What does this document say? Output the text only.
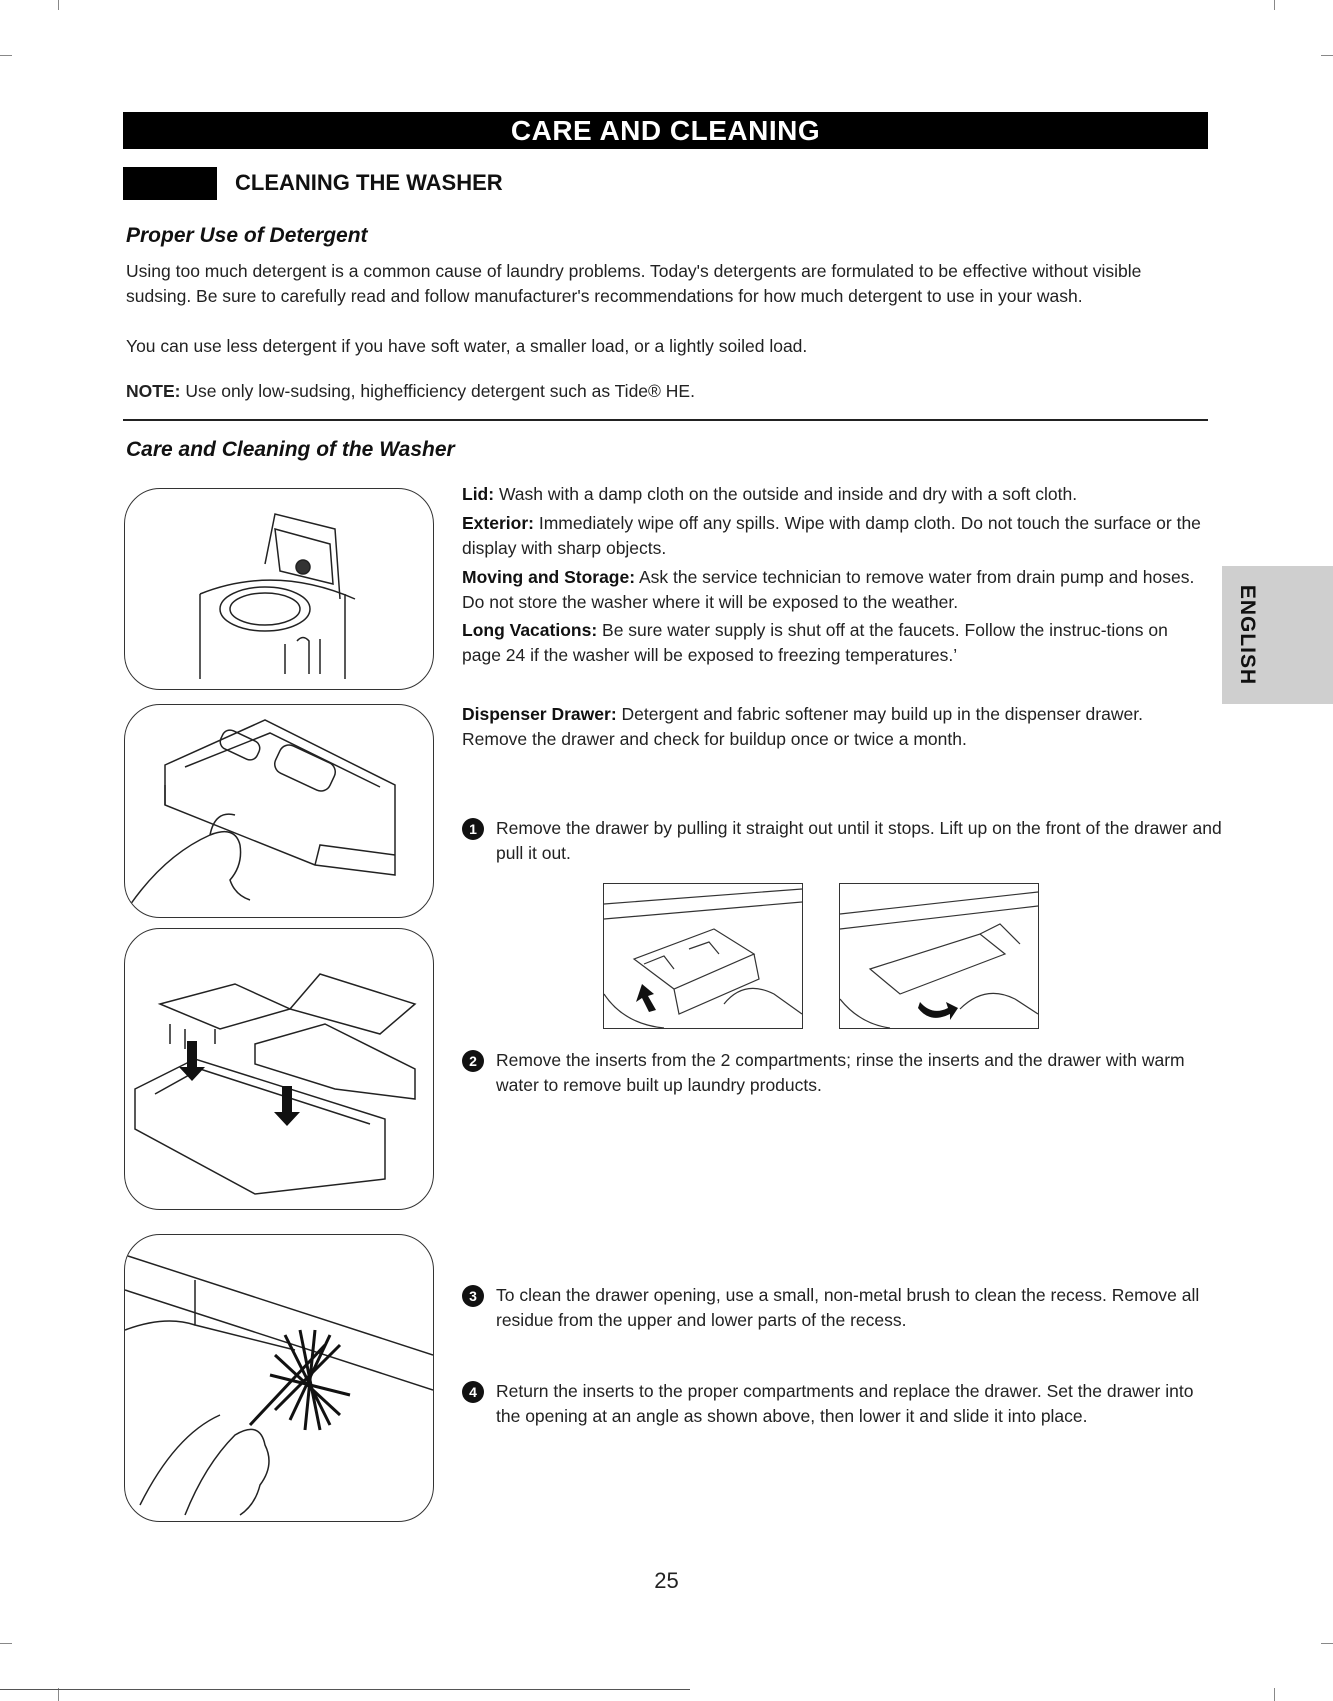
CARE AND CLEANING
CLEANING THE WASHER
Proper Use of Detergent

Using too much detergent is a common cause of laundry problems. Today's detergents are formulated to be effective without visible sudsing. Be sure to carefully read and follow manufacturer's recommendations for how much detergent to use in your wash.

You can use less detergent if you have soft water, a smaller load, or a lightly soiled load.

NOTE: Use only low-sudsing, highefficiency detergent such as Tide® HE.

Care and Cleaning of the Washer

Lid: Wash with a damp cloth on the outside and inside and dry with a soft cloth.

Exterior: Immediately wipe off any spills. Wipe with damp cloth. Do not touch the surface or the display with sharp objects.

Moving and Storage: Ask the service technician to remove water from drain pump and hoses. Do not store the washer where it will be exposed to the weather.

Long Vacations: Be sure water supply is shut off at the faucets. Follow the instruc-tions on page 24 if the washer will be exposed to freezing temperatures.’

Dispenser Drawer: Detergent and fabric softener may build up in the dispenser drawer. Remove the drawer and check for buildup once or twice a month.

1	Remove the drawer by pulling it straight out until it stops. Lift up on the front of the drawer and pull it out.
2	Remove the inserts from the 2 compartments; rinse the inserts and the drawer with warm water to remove built up laundry products.
3	To clean the drawer opening, use a small, non-metal brush to clean the recess. Remove all residue from the upper and lower parts of the recess.
4	Return the inserts to the proper compartments and replace the drawer. Set the drawer into the opening at an angle as shown above, then lower it and slide it into place.
ENGLISH
25
